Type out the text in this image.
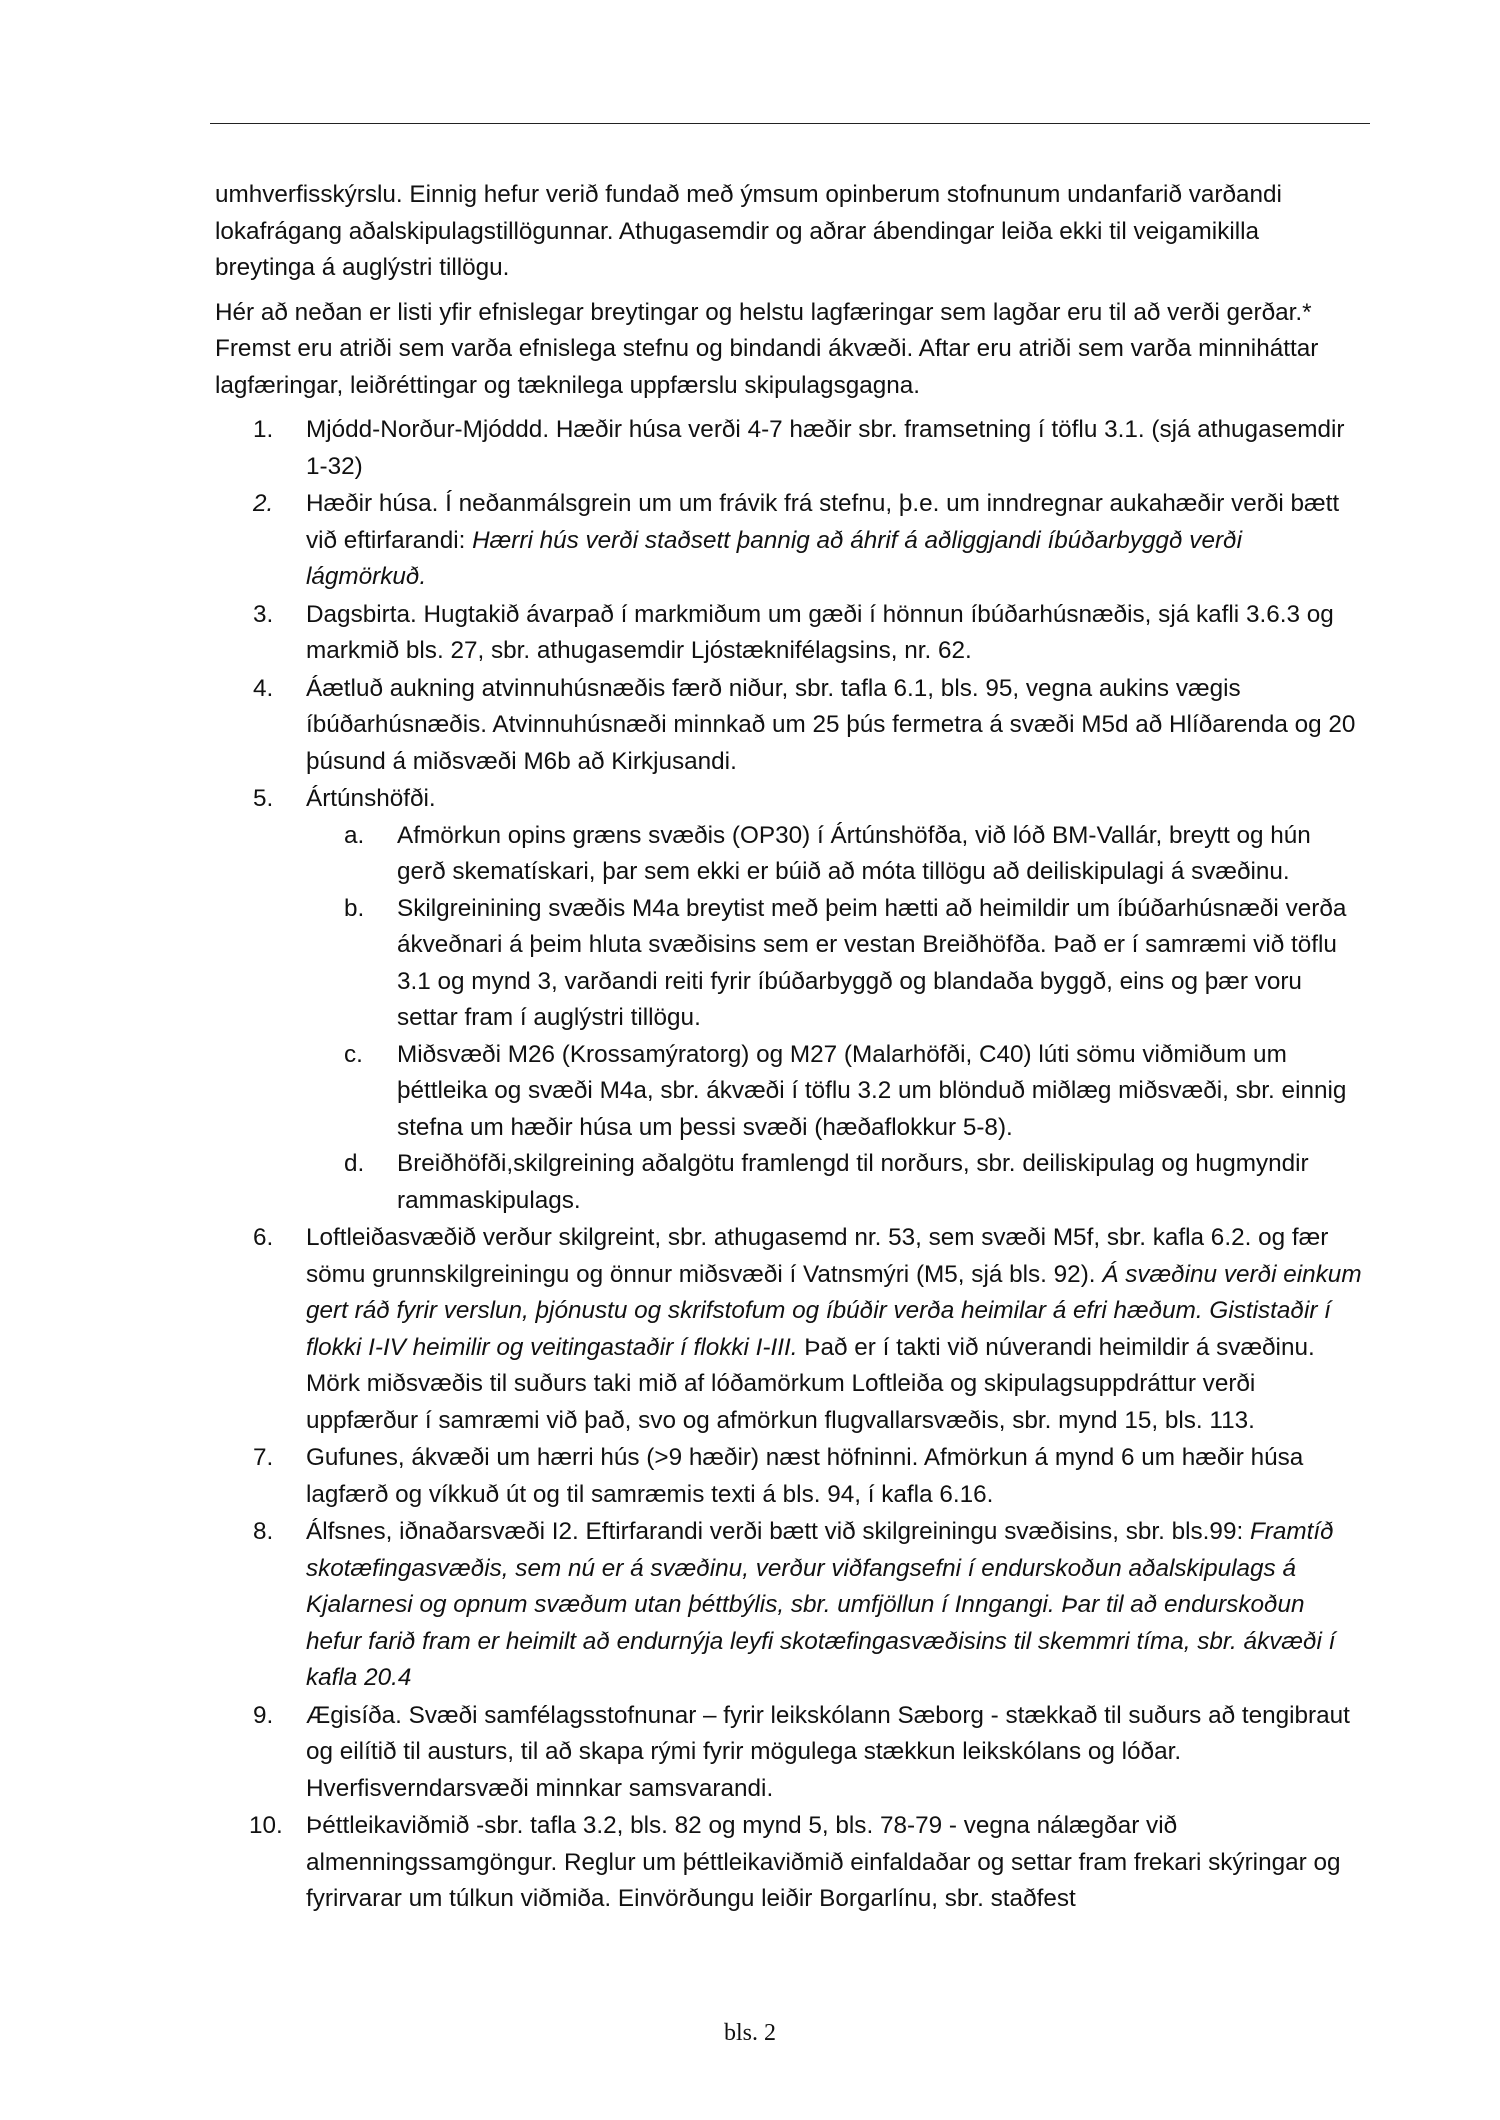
umhverfisskýrslu. Einnig hefur verið fundað með ýmsum opinberum stofnunum undanfarið varðandi lokafrágang aðalskipulagstillögunnar. Athugasemdir og aðrar ábendingar leiða ekki til veigamikilla breytinga á auglýstri tillögu.

Hér að neðan er listi yfir efnislegar breytingar og helstu lagfæringar sem lagðar eru til að verði gerðar.* Fremst eru atriði sem varða efnislega stefnu og bindandi ákvæði. Aftar eru atriði sem varða minniháttar lagfæringar, leiðréttingar og tæknilega uppfærslu skipulagsgagna.

1. Mjódd-Norður-Mjóddd. Hæðir húsa verði 4-7 hæðir sbr. framsetning í töflu 3.1. (sjá athugasemdir 1-32)
2. Hæðir húsa. Í neðanmálsgrein um um frávik frá stefnu, þ.e. um inndregnar aukahæðir verði bætt við eftirfarandi: Hærri hús verði staðsett þannig að áhrif á aðliggjandi íbúðarbyggð verði lágmörkuð.
3. Dagsbirta. Hugtakið ávarpað í markmiðum um gæði í hönnun íbúðarhúsnæðis, sjá kafli 3.6.3 og markmið bls. 27, sbr. athugasemdir Ljóstæknifélagsins, nr. 62.
4. Áætluð aukning atvinnuhúsnæðis færð niður, sbr. tafla 6.1, bls. 95, vegna aukins vægis íbúðarhúsnæðis. Atvinnuhúsnæði minnkað um 25 þús fermetra á svæði M5d að Hlíðarenda og 20 þúsund á miðsvæði M6b að Kirkjusandi.
5. Ártúnshöfði.
a. Afmörkun opins græns svæðis (OP30) í Ártúnshöfða, við lóð BM-Vallár, breytt og hún gerð skematískari, þar sem ekki er búið að móta tillögu að deiliskipulagi á svæðinu.
b. Skilgreinining svæðis M4a breytist með þeim hætti að heimildir um íbúðarhúsnæði verða ákveðnari á þeim hluta svæðisins sem er vestan Breiðhöfða. Það er í samræmi við töflu 3.1 og mynd 3, varðandi reiti fyrir íbúðarbyggð og blandaða byggð, eins og þær voru settar fram í auglýstri tillögu.
c. Miðsvæði M26 (Krossamýratorg) og M27 (Malarhöfði, C40) lúti sömu viðmiðum um þéttleika og svæði M4a, sbr. ákvæði í töflu 3.2 um blönduð miðlæg miðsvæði, sbr. einnig stefna um hæðir húsa um þessi svæði (hæðaflokkur 5-8).
d. Breiðhöfði,skilgreining aðalgötu framlengd til norðurs, sbr. deiliskipulag og hugmyndir rammaskipulags.
6. Loftleiðasvæðið verður skilgreint, sbr. athugasemd nr. 53, sem svæði M5f, sbr. kafla 6.2. og fær sömu grunnskilgreiningu og önnur miðsvæði í Vatnsmýri (M5, sjá bls. 92). Á svæðinu verði einkum gert ráð fyrir verslun, þjónustu og skrifstofum og íbúðir verða heimilar á efri hæðum. Gististaðir í flokki I-IV heimilir og veitingastaðir í flokki I-III. Það er í takti við núverandi heimildir á svæðinu. Mörk miðsvæðis til suðurs taki mið af lóðamörkum Loftleiða og skipulagsuppdráttur verði uppfærður í samræmi við það, svo og afmörkun flugvallarsvæðis, sbr. mynd 15, bls. 113.
7. Gufunes, ákvæði um hærri hús (>9 hæðir) næst höfninni. Afmörkun á mynd 6 um hæðir húsa lagfærð og víkkuð út og til samræmis texti á bls. 94, í kafla 6.16.
8. Álfsnes, iðnaðarsvæði I2. Eftirfarandi verði bætt við skilgreiningu svæðisins, sbr. bls.99: Framtíð skotæfingasvæðis, sem nú er á svæðinu, verður viðfangsefni í endurskoðun aðalskipulags á Kjalarnesi og opnum svæðum utan þéttbýlis, sbr. umfjöllun í Inngangi. Þar til að endurskoðun hefur farið fram er heimilt að endurnýja leyfi skotæfingasvæðisins til skemmri tíma, sbr. ákvæði í kafla 20.4
9. Ægisíða. Svæði samfélagsstofnunar – fyrir leikskólann Sæborg - stækkað til suðurs að tengibraut og eilítið til austurs, til að skapa rými fyrir mögulega stækkun leikskólans og lóðar. Hverfisverndarsvæði minnkar samsvarandi.
10. Þéttleikaviðmið -sbr. tafla 3.2, bls. 82 og mynd 5, bls. 78-79 - vegna nálægðar við almenningssamgöngur. Reglur um þéttleikaviðmið einfaldaðar og settar fram frekari skýringar og fyrirvarar um túlkun viðmiða. Einvörðungu leiðir Borgarlínu, sbr. staðfest
bls. 2
